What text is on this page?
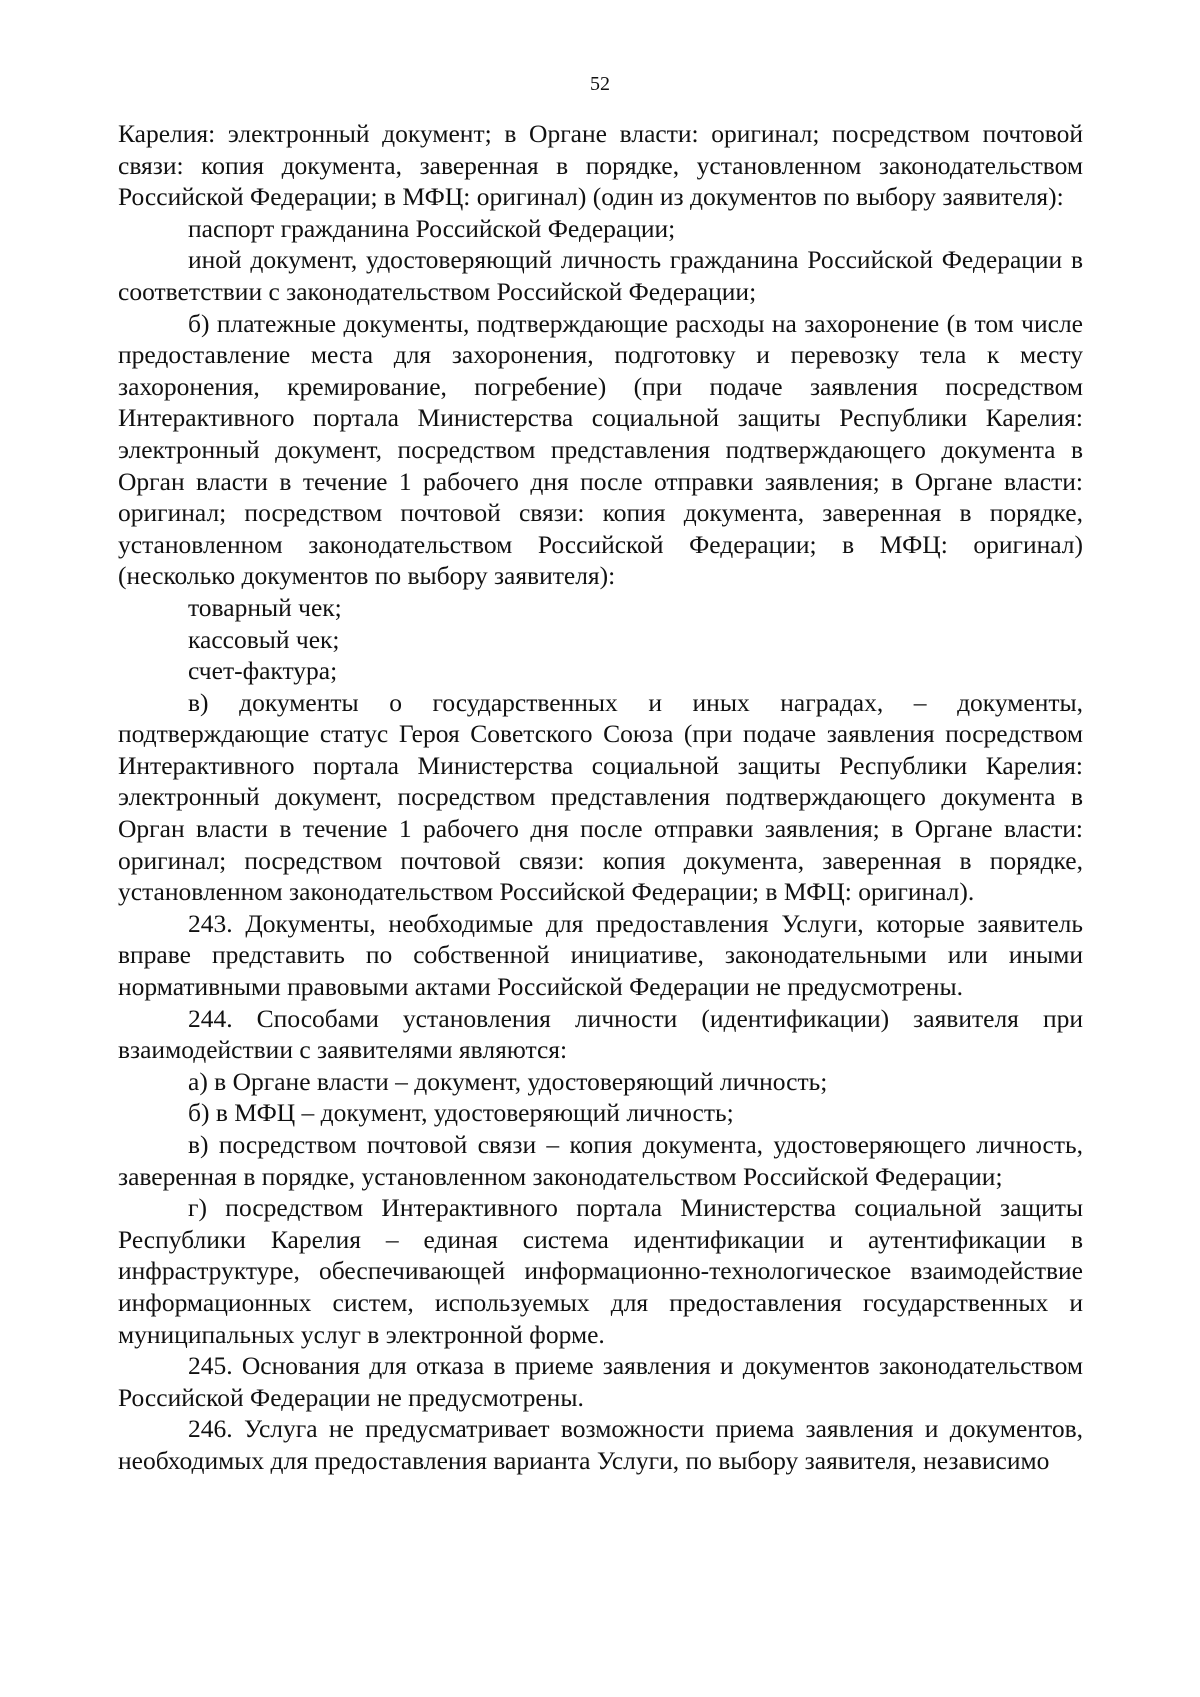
52

Карелия: электронный документ; в Органе власти: оригинал; посредством почтовой связи: копия документа, заверенная в порядке, установленном законодательством Российской Федерации; в МФЦ: оригинал) (один из документов по выбору заявителя):

паспорт гражданина Российской Федерации;

иной документ, удостоверяющий личность гражданина Российской Федерации в соответствии с законодательством Российской Федерации;

б) платежные документы, подтверждающие расходы на захоронение (в том числе предоставление места для захоронения, подготовку и перевозку тела к месту захоронения, кремирование, погребение) (при подаче заявления посредством Интерактивного портала Министерства социальной защиты Республики Карелия: электронный документ, посредством представления подтверждающего документа в Орган власти в течение 1 рабочего дня после отправки заявления; в Органе власти: оригинал; посредством почтовой связи: копия документа, заверенная в порядке, установленном законодательством Российской Федерации; в МФЦ: оригинал) (несколько документов по выбору заявителя):

товарный чек;

кассовый чек;

счет-фактура;

в) документы о государственных и иных наградах, – документы, подтверждающие статус Героя Советского Союза (при подаче заявления посредством Интерактивного портала Министерства социальной защиты Республики Карелия: электронный документ, посредством представления подтверждающего документа в Орган власти в течение 1 рабочего дня после отправки заявления; в Органе власти: оригинал; посредством почтовой связи: копия документа, заверенная в порядке, установленном законодательством Российской Федерации; в МФЦ: оригинал).

243. Документы, необходимые для предоставления Услуги, которые заявитель вправе представить по собственной инициативе, законодательными или иными нормативными правовыми актами Российской Федерации не предусмотрены.

244. Способами установления личности (идентификации) заявителя при взаимодействии с заявителями являются:

а) в Органе власти – документ, удостоверяющий личность;

б) в МФЦ – документ, удостоверяющий личность;

в) посредством почтовой связи – копия документа, удостоверяющего личность, заверенная в порядке, установленном законодательством Российской Федерации;

г) посредством Интерактивного портала Министерства социальной защиты Республики Карелия – единая система идентификации и аутентификации в инфраструктуре, обеспечивающей информационно-технологическое взаимодействие информационных систем, используемых для предоставления государственных и муниципальных услуг в электронной форме.

245. Основания для отказа в приеме заявления и документов законодательством Российской Федерации не предусмотрены.

246. Услуга не предусматривает возможности приема заявления и документов, необходимых для предоставления варианта Услуги, по выбору заявителя, независимо
